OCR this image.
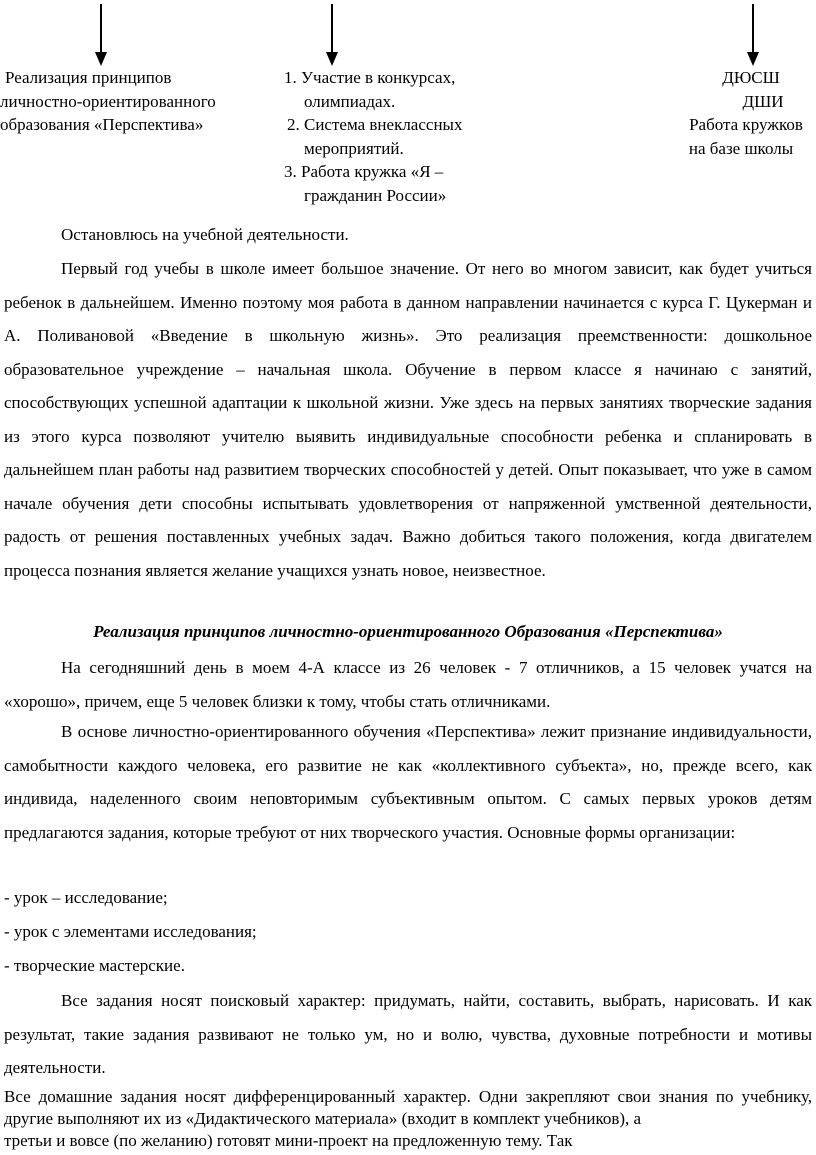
Реализация принципов
личностно-ориентированного
образования «Перспектива»
1. Участие в конкурсах,
олимпиадах.
2. Система внеклассных
мероприятий.
3. Работа кружка «Я –
гражданин России»
ДЮСШ
ДШИ
Работа кружков
на базе школы

Остановлюсь на учебной деятельности.

Первый год учебы в школе имеет большое значение. От него во многом зависит, как будет учиться ребенок в дальнейшем. Именно поэтому моя работа в данном направлении начинается с курса Г. Цукерман и А. Поливановой «Введение в школьную жизнь». Это реализация преемственности: дошкольное образовательное учреждение – начальная школа. Обучение в первом классе я начинаю с занятий, способствующих успешной адаптации к школьной жизни. Уже здесь на первых занятиях творческие задания из этого курса позволяют учителю выявить индивидуальные способности ребенка и спланировать в дальнейшем план работы над развитием творческих способностей у детей. Опыт показывает, что уже в самом начале обучения дети способны испытывать удовлетворения от напряженной умственной деятельности, радость от решения поставленных учебных задач. Важно добиться такого положения, когда двигателем процесса познания является желание учащихся узнать новое, неизвестное.

Реализация принципов личностно-ориентированного Образования «Перспектива»

На сегодняшний день в моем 4-А классе из 26 человек - 7 отличников, а 15 человек учатся на «хорошо», причем, еще 5 человек близки к тому, чтобы стать отличниками.

В основе личностно-ориентированного обучения «Перспектива» лежит признание индивидуальности, самобытности каждого человека, его развитие не как «коллективного субъекта», но, прежде всего, как индивида, наделенного своим неповторимым субъективным опытом. С самых первых уроков детям предлагаются задания, которые требуют от них творческого участия. Основные формы организации:

- урок – исследование;

- урок с элементами исследования;

- творческие мастерские.

Все задания носят поисковый характер: придумать, найти, составить, выбрать, нарисовать. И как результат, такие задания развивают не только ум, но и волю, чувства, духовные потребности и мотивы деятельности.

Все домашние задания носят дифференцированный характер. Одни закрепляют свои знания по учебнику, другие выполняют их из «Дидактического материала» (входит в комплект учебников), а

третьи и вовсе (по желанию) готовят мини-проект на предложенную тему. Так
